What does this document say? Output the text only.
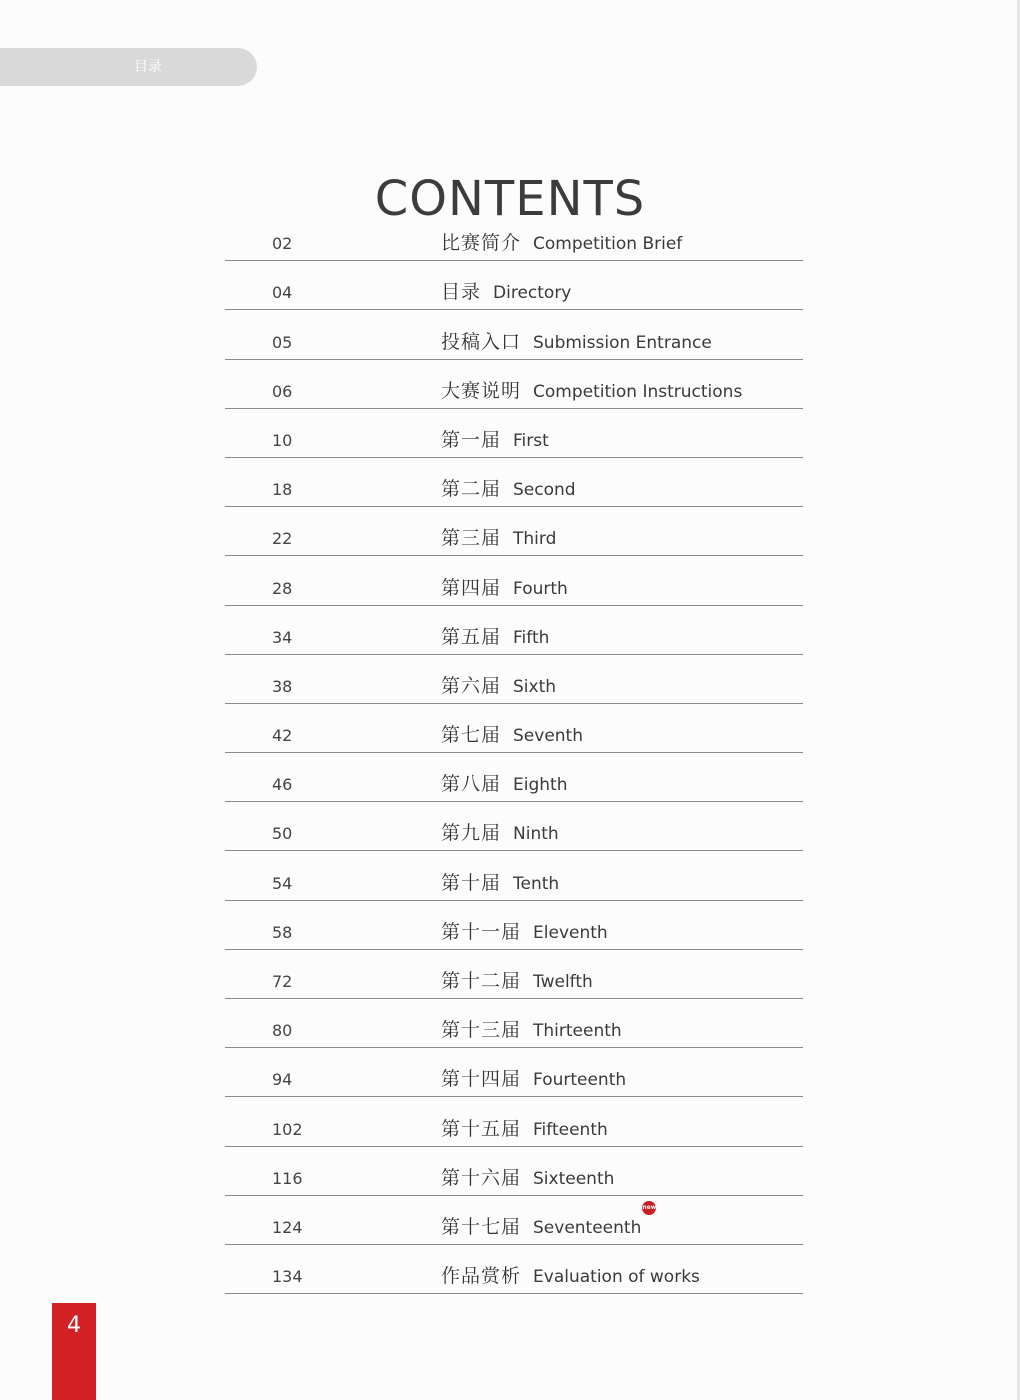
目录
CONTENTS
02	比赛简介 Competition Brief
04	目录 Directory
05	投稿入口 Submission Entrance
06	大赛说明 Competition Instructions
10	第一届 First
18	第二届 Second
22	第三届 Third
28	第四届 Fourth
34	第五届 Fifth
38	第六届 Sixth
42	第七届 Seventh
46	第八届 Eighth
50	第九届 Ninth
54	第十届 Tenth
58	第十一届 Eleventh
72	第十二届 Twelfth
80	第十三届 Thirteenth
94	第十四届 Fourteenth
102	第十五届 Fifteenth
116	第十六届 Sixteenth
124	第十七届 Seventeenthnew
134	作品赏析 Evaluation of works
4
